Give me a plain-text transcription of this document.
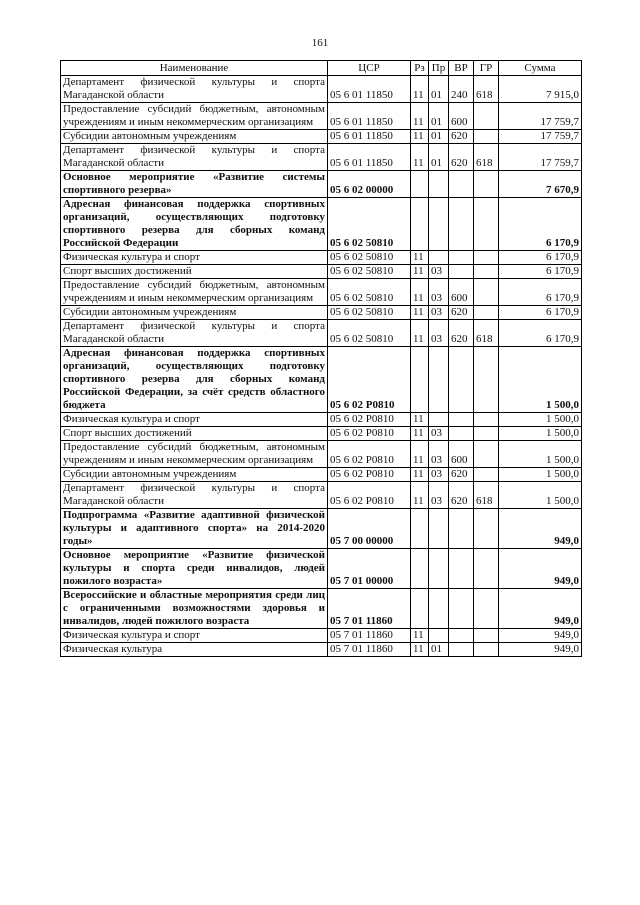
161
Наименование	ЦСР	Рз	Пр	ВР	ГР	Сумма
Департамент физической культуры и спорта Магаданской области	05 6 01 11850	11	01	240	618	7 915,0
Предоставление субсидий бюджетным, автономным учреждениям и иным некоммерческим организациям	05 6 01 11850	11	01	600		17 759,7
Субсидии автономным учреждениям	05 6 01 11850	11	01	620		17 759,7
Департамент физической культуры и спорта Магаданской области	05 6 01 11850	11	01	620	618	17 759,7
Основное мероприятие «Развитие системы спортивного резерва»	05 6 02 00000					7 670,9
Адресная финансовая поддержка спортивных организаций, осуществляющих подготовку спортивного резерва для сборных команд Российской Федерации	05 6 02 50810					6 170,9
Физическая культура и спорт	05 6 02 50810	11				6 170,9
Спорт высших достижений	05 6 02 50810	11	03			6 170,9
Предоставление субсидий бюджетным, автономным учреждениям и иным некоммерческим организациям	05 6 02 50810	11	03	600		6 170,9
Субсидии автономным учреждениям	05 6 02 50810	11	03	620		6 170,9
Департамент физической культуры и спорта Магаданской области	05 6 02 50810	11	03	620	618	6 170,9
Адресная финансовая поддержка спортивных организаций, осуществляющих подготовку спортивного резерва для сборных команд Российской Федерации, за счёт средств областного бюджета	05 6 02 Р0810					1 500,0
Физическая культура и спорт	05 6 02 Р0810	11				1 500,0
Спорт высших достижений	05 6 02 Р0810	11	03			1 500,0
Предоставление субсидий бюджетным, автономным учреждениям и иным некоммерческим организациям	05 6 02 Р0810	11	03	600		1 500,0
Субсидии автономным учреждениям	05 6 02 Р0810	11	03	620		1 500,0
Департамент физической культуры и спорта Магаданской области	05 6 02 Р0810	11	03	620	618	1 500,0
Подпрограмма «Развитие адаптивной физической культуры и адаптивного спорта» на 2014-2020 годы»	05 7 00 00000					949,0
Основное мероприятие «Развитие физической культуры и спорта среди инвалидов, людей пожилого возраста»	05 7 01 00000					949,0
Всероссийские и областные мероприятия среди лиц с ограниченными возможностями здоровья и инвалидов, людей пожилого возраста	05 7 01 11860					949,0
Физическая культура и спорт	05 7 01 11860	11				949,0
Физическая культура	05 7 01 11860	11	01			949,0
